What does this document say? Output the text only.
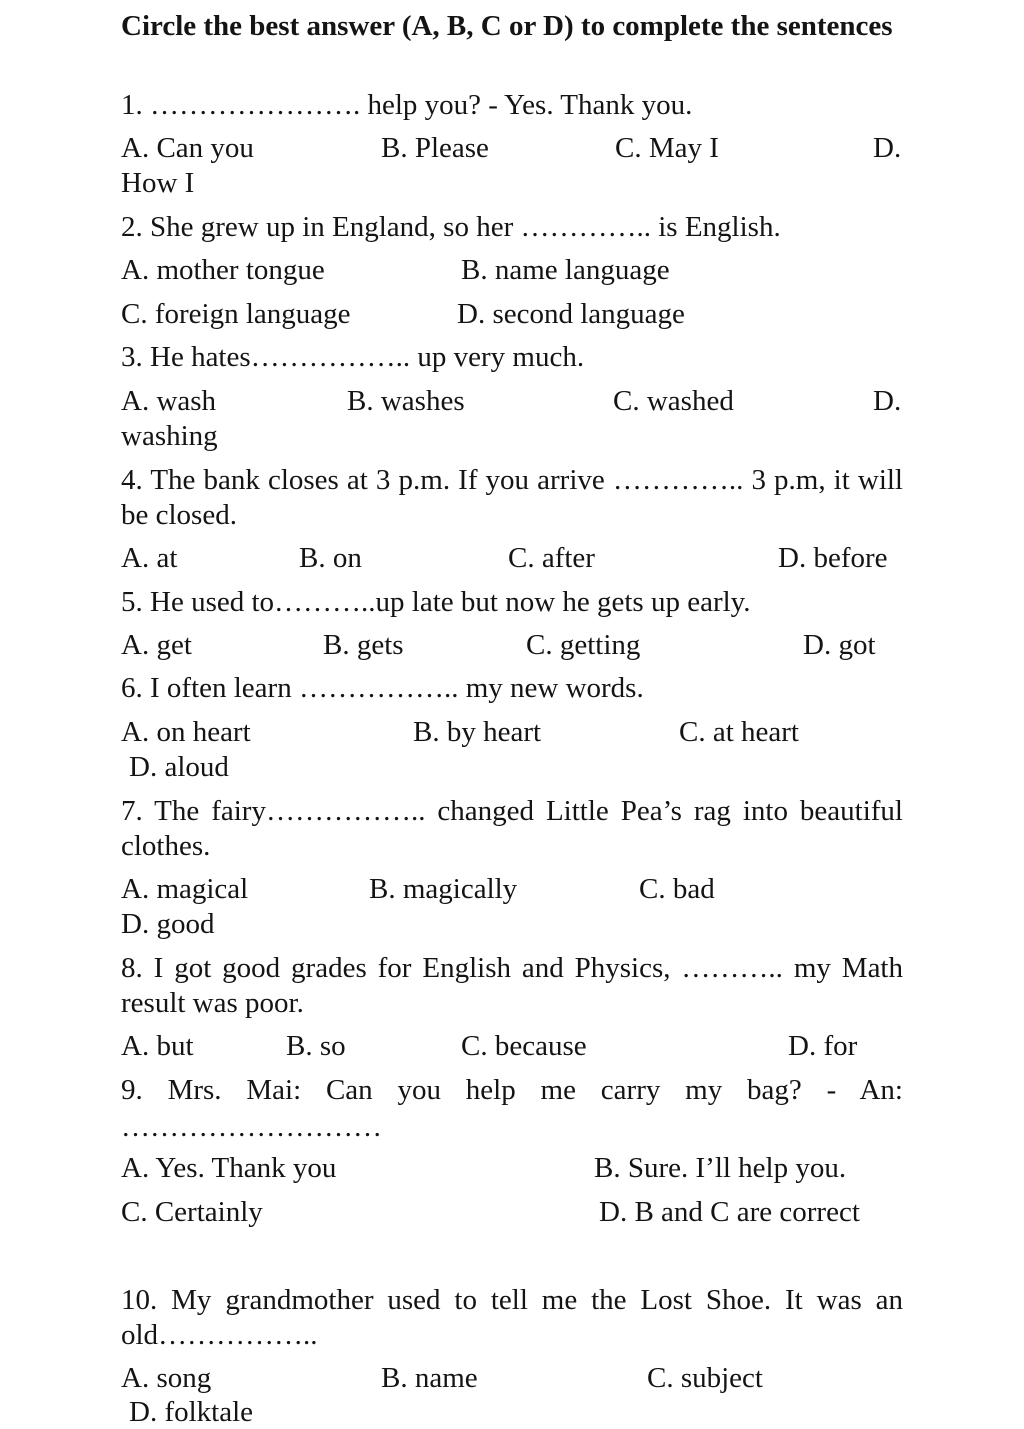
Circle the best answer (A, B, C or D) to complete the sentences
1. …………………. help you? - Yes. Thank you.
A. Can you	B. Please	C. May I	D.
How I
2. She grew up in England, so her ………….. is English.
A. mother tongue	B. name language
C. foreign language	D. second language
3. He hates…………….. up very much.
A. wash	B. washes	C. washed	D.
washing
4. The bank closes at 3 p.m. If you arrive ………….. 3 p.m, it will be closed.
A. at	B. on	C. after	D. before
5. He used to………..up late but now he gets up early.
A. get	B. gets	C. getting	D. got
6. I often learn …………….. my new words.
A. on heart	B. by heart	C. at heart
D. aloud
7. The fairy…………….. changed Little Pea’s rag into beautiful clothes.
A. magical	B. magically	C. bad
D. good
8. I got good grades for English and Physics, ……….. my Math result was poor.
A. but	B. so	C. because	D. for
9. Mrs. Mai: Can you help me carry my bag? - An:
………………………
A. Yes. Thank you	B. Sure. I’ll help you.
C. Certainly	D. B and C are correct
10. My grandmother used to tell me the Lost Shoe. It was an old……………..
A. song	B. name	C. subject
D. folktale
